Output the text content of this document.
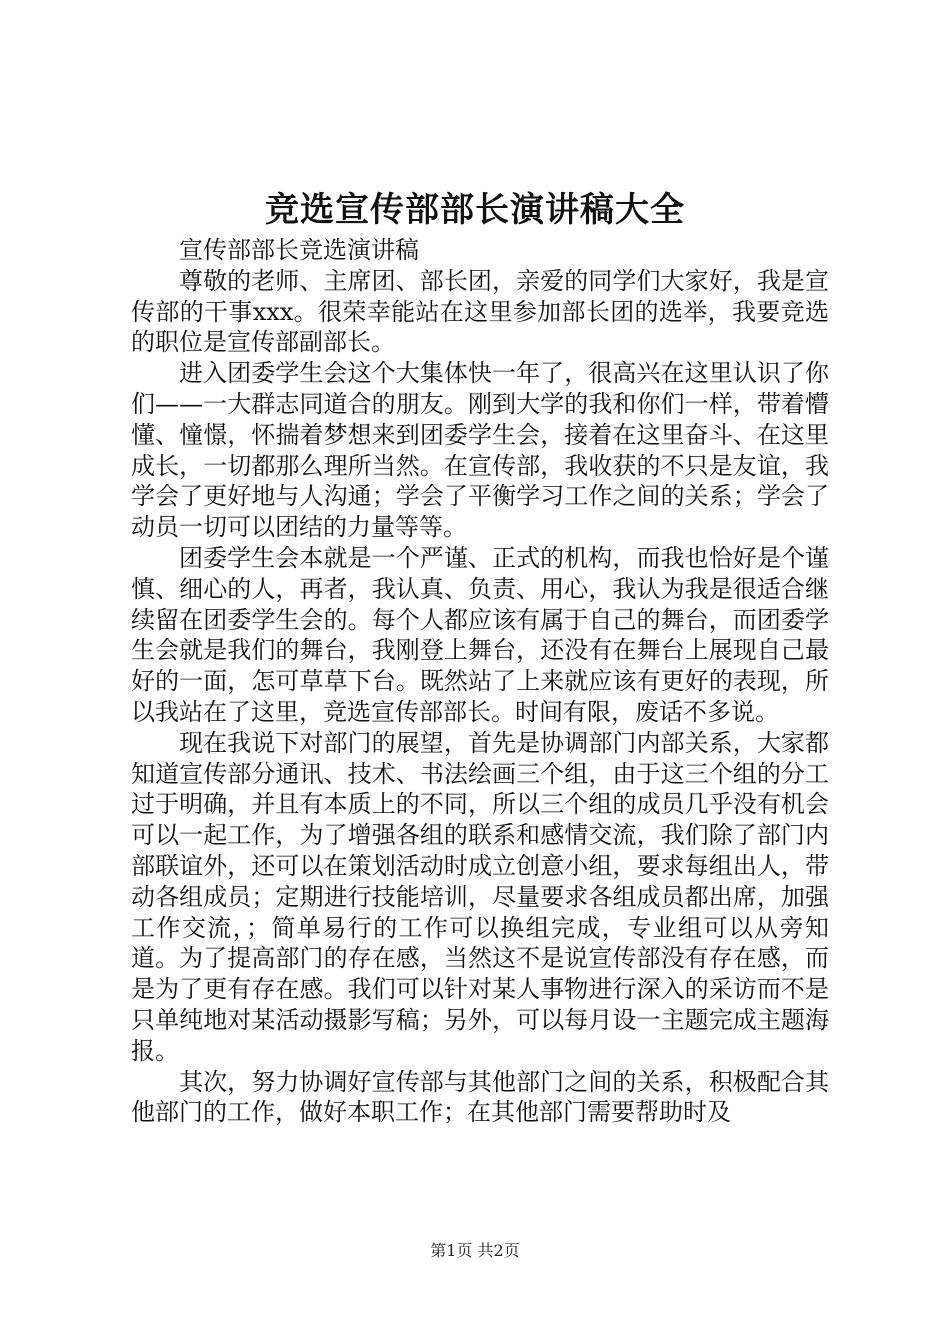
竞选宣传部部长演讲稿大全

宣传部部长竞选演讲稿

尊敬的老师、主席团、部长团，亲爱的同学们大家好，我是宣传部的干事xxx。很荣幸能站在这里参加部长团的选举，我要竞选的职位是宣传部副部长。

进入团委学生会这个大集体快一年了，很高兴在这里认识了你们——一大群志同道合的朋友。刚到大学的我和你们一样，带着懵懂、憧憬，怀揣着梦想来到团委学生会，接着在这里奋斗、在这里成长，一切都那么理所当然。在宣传部，我收获的不只是友谊，我学会了更好地与人沟通；学会了平衡学习工作之间的关系；学会了动员一切可以团结的力量等等。

团委学生会本就是一个严谨、正式的机构，而我也恰好是个谨慎、细心的人，再者，我认真、负责、用心，我认为我是很适合继续留在团委学生会的。每个人都应该有属于自己的舞台，而团委学生会就是我们的舞台，我刚登上舞台，还没有在舞台上展现自己最好的一面，怎可草草下台。既然站了上来就应该有更好的表现，所以我站在了这里，竞选宣传部部长。时间有限，废话不多说。

现在我说下对部门的展望，首先是协调部门内部关系，大家都知道宣传部分通讯、技术、书法绘画三个组，由于这三个组的分工过于明确，并且有本质上的不同，所以三个组的成员几乎没有机会可以一起工作，为了增强各组的联系和感情交流，我们除了部门内部联谊外，还可以在策划活动时成立创意小组，要求每组出人，带动各组成员；定期进行技能培训，尽量要求各组成员都出席，加强工作交流，；简单易行的工作可以换组完成，专业组可以从旁知道。为了提高部门的存在感，当然这不是说宣传部没有存在感，而是为了更有存在感。我们可以针对某人事物进行深入的采访而不是只单纯地对某活动摄影写稿；另外，可以每月设一主题完成主题海报。

其次，努力协调好宣传部与其他部门之间的关系，积极配合其他部门的工作，做好本职工作；在其他部门需要帮助时及

第1页 共2页
